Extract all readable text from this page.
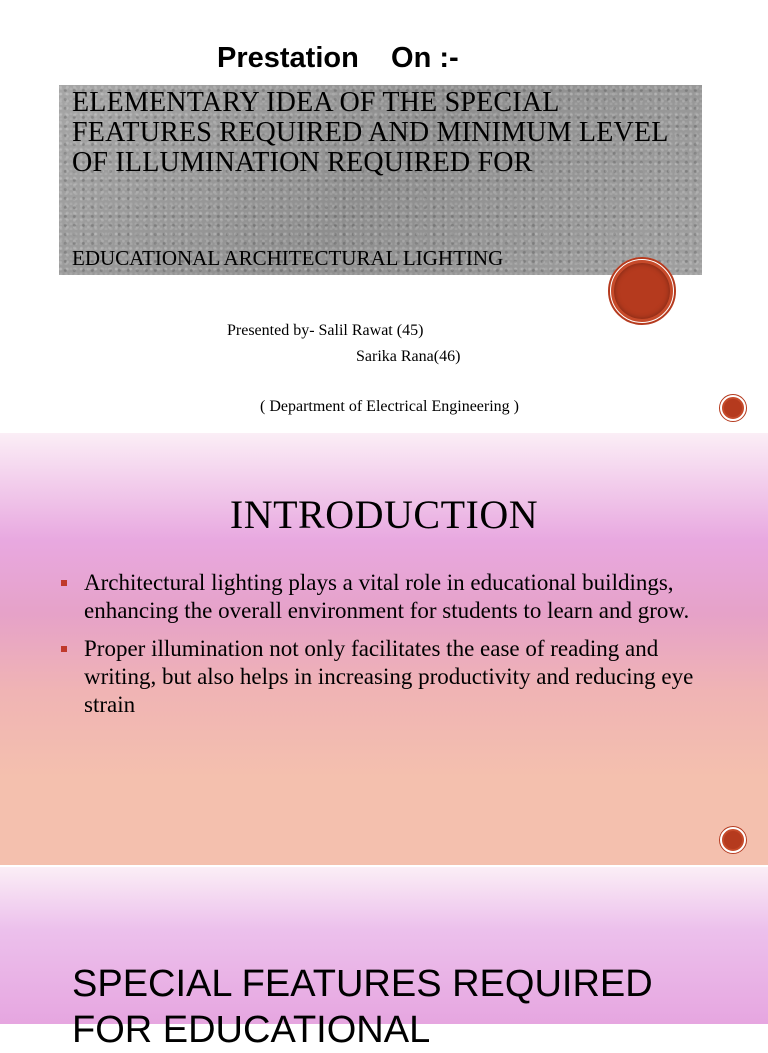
Prestation    On :-
ELEMENTARY IDEA OF THE SPECIAL FEATURES REQUIRED AND MINIMUM LEVEL OF ILLUMINATION REQUIRED FOR
EDUCATIONAL ARCHITECTURAL LIGHTING
Presented by- Salil Rawat (45)
Sarika Rana(46)
( Department of Electrical Engineering )
INTRODUCTION
Architectural lighting plays a vital role in educational buildings, enhancing the overall environment for students to learn and grow.
Proper illumination not only facilitates the ease of reading and writing, but also helps in increasing productivity and reducing eye strain
SPECIAL FEATURES REQUIRED FOR EDUCATIONAL
